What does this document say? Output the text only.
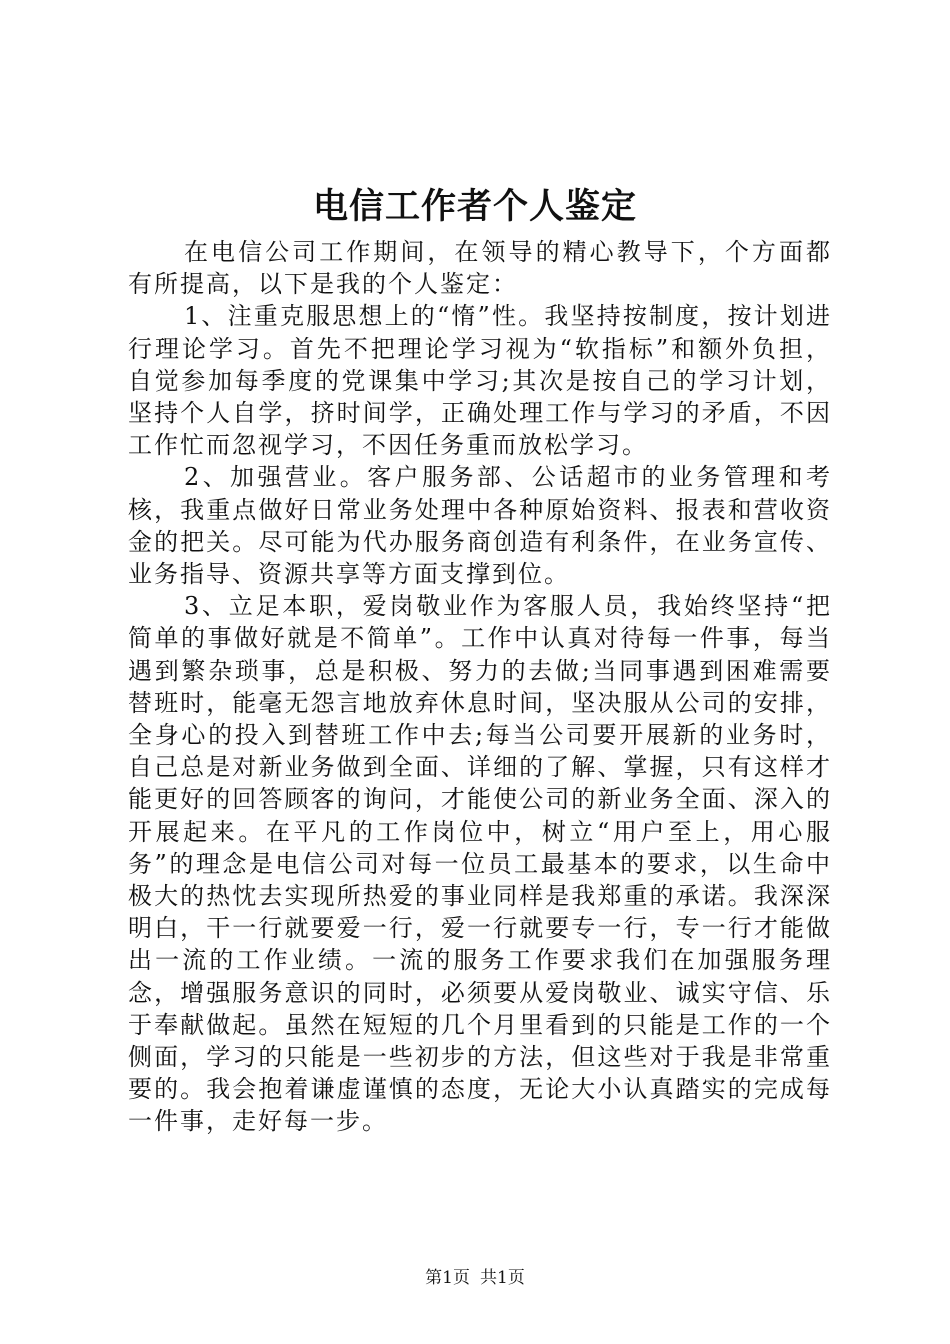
电信工作者个人鉴定

在电信公司工作期间，在领导的精心教导下，个方面都有所提高，以下是我的个人鉴定：

1、注重克服思想上的“惰”性。我坚持按制度，按计划进行理论学习。首先不把理论学习视为“软指标”和额外负担，自觉参加每季度的党课集中学习;其次是按自己的学习计划，坚持个人自学，挤时间学，正确处理工作与学习的矛盾，不因工作忙而忽视学习，不因任务重而放松学习。

2、加强营业。客户服务部、公话超市的业务管理和考核，我重点做好日常业务处理中各种原始资料、报表和营收资金的把关。尽可能为代办服务商创造有利条件，在业务宣传、业务指导、资源共享等方面支撑到位。

3、立足本职，爱岗敬业作为客服人员，我始终坚持“把简单的事做好就是不简单”。工作中认真对待每一件事，每当遇到繁杂琐事，总是积极、努力的去做;当同事遇到困难需要替班时，能毫无怨言地放弃休息时间，坚决服从公司的安排，全身心的投入到替班工作中去;每当公司要开展新的业务时，自己总是对新业务做到全面、详细的了解、掌握，只有这样才能更好的回答顾客的询问，才能使公司的新业务全面、深入的开展起来。在平凡的工作岗位中，树立“用户至上，用心服务”的理念是电信公司对每一位员工最基本的要求，以生命中极大的热忱去实现所热爱的事业同样是我郑重的承诺。我深深明白，干一行就要爱一行，爱一行就要专一行，专一行才能做出一流的工作业绩。一流的服务工作要求我们在加强服务理念，增强服务意识的同时，必须要从爱岗敬业、诚实守信、乐于奉献做起。虽然在短短的几个月里看到的只能是工作的一个侧面，学习的只能是一些初步的方法，但这些对于我是非常重要的。我会抱着谦虚谨慎的态度，无论大小认真踏实的完成每一件事，走好每一步。

第1页 共1页
